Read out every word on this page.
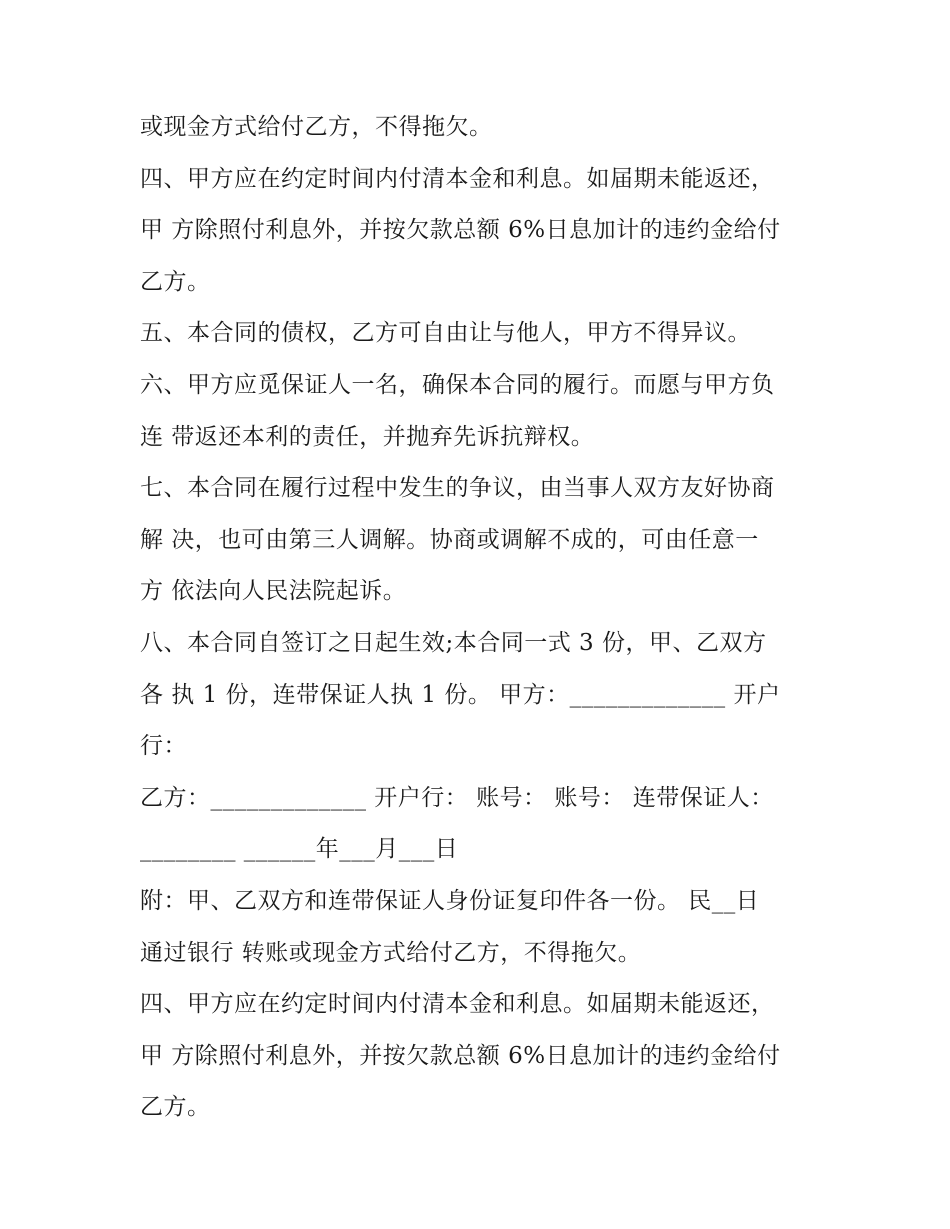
或现金方式给付乙方，不得拖欠。
四、甲方应在约定时间内付清本金和利息。如届期未能返还，
甲 方除照付利息外，并按欠款总额 6%日息加计的违约金给付
乙方。
五、本合同的债权，乙方可自由让与他人，甲方不得异议。
六、甲方应觅保证人一名，确保本合同的履行。而愿与甲方负
连 带返还本利的责任，并抛弃先诉抗辩权。
七、本合同在履行过程中发生的争议，由当事人双方友好协商
解 决，也可由第三人调解。协商或调解不成的，可由任意一
方 依法向人民法院起诉。
八、本合同自签订之日起生效;本合同一式 3 份，甲、乙双方
各 执 1 份，连带保证人执 1 份。 甲方：_____________ 开户
行：
乙方：_____________ 开户行： 账号： 账号： 连带保证人：
________ ______年___月___日
附：甲、乙双方和连带保证人身份证复印件各一份。 民__日
通过银行 转账或现金方式给付乙方，不得拖欠。
四、甲方应在约定时间内付清本金和利息。如届期未能返还，
甲 方除照付利息外，并按欠款总额 6%日息加计的违约金给付
乙方。
